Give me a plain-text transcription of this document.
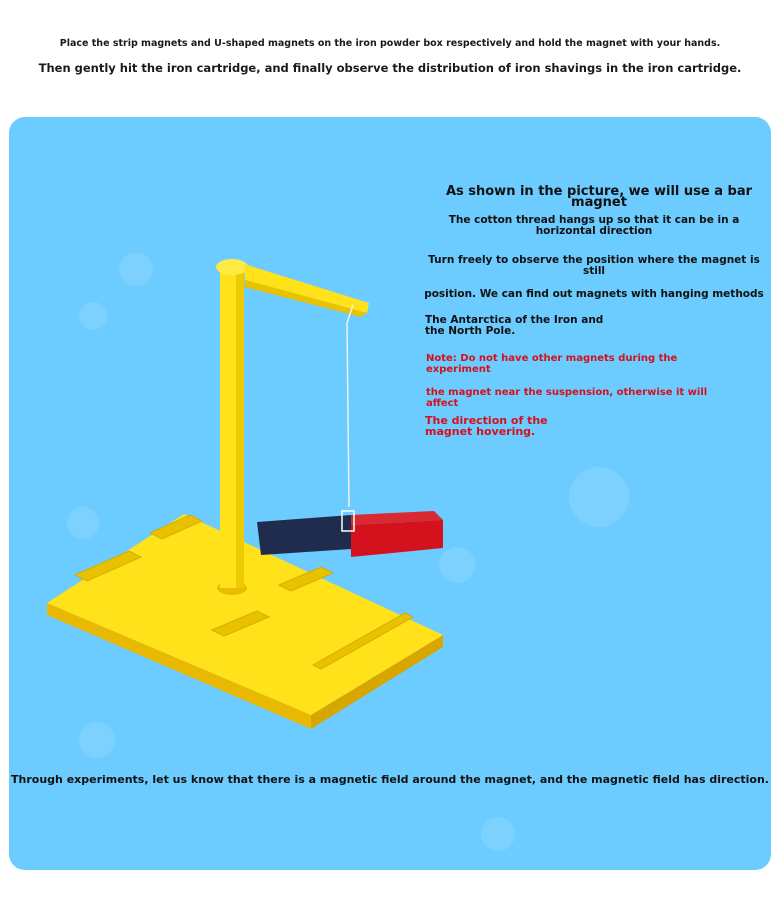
Place the strip magnets and U-shaped magnets on the iron powder box respectively and hold the magnet with your hands.
Then gently hit the iron cartridge, and finally observe the distribution of iron shavings in the iron cartridge.
As shown in the picture, we will use a bar magnet
The cotton thread hangs up so that it can be in a horizontal direction
Turn freely to observe the position where the magnet is still
position. We can find out magnets with hanging methods
The Antarctica of the Iron and the North Pole.
Note: Do not have other magnets during the experiment
the magnet near the suspension, otherwise it will affect
The direction of the magnet hovering.
Through experiments, let us know that there is a magnetic field around the magnet, and the magnetic field has direction.
